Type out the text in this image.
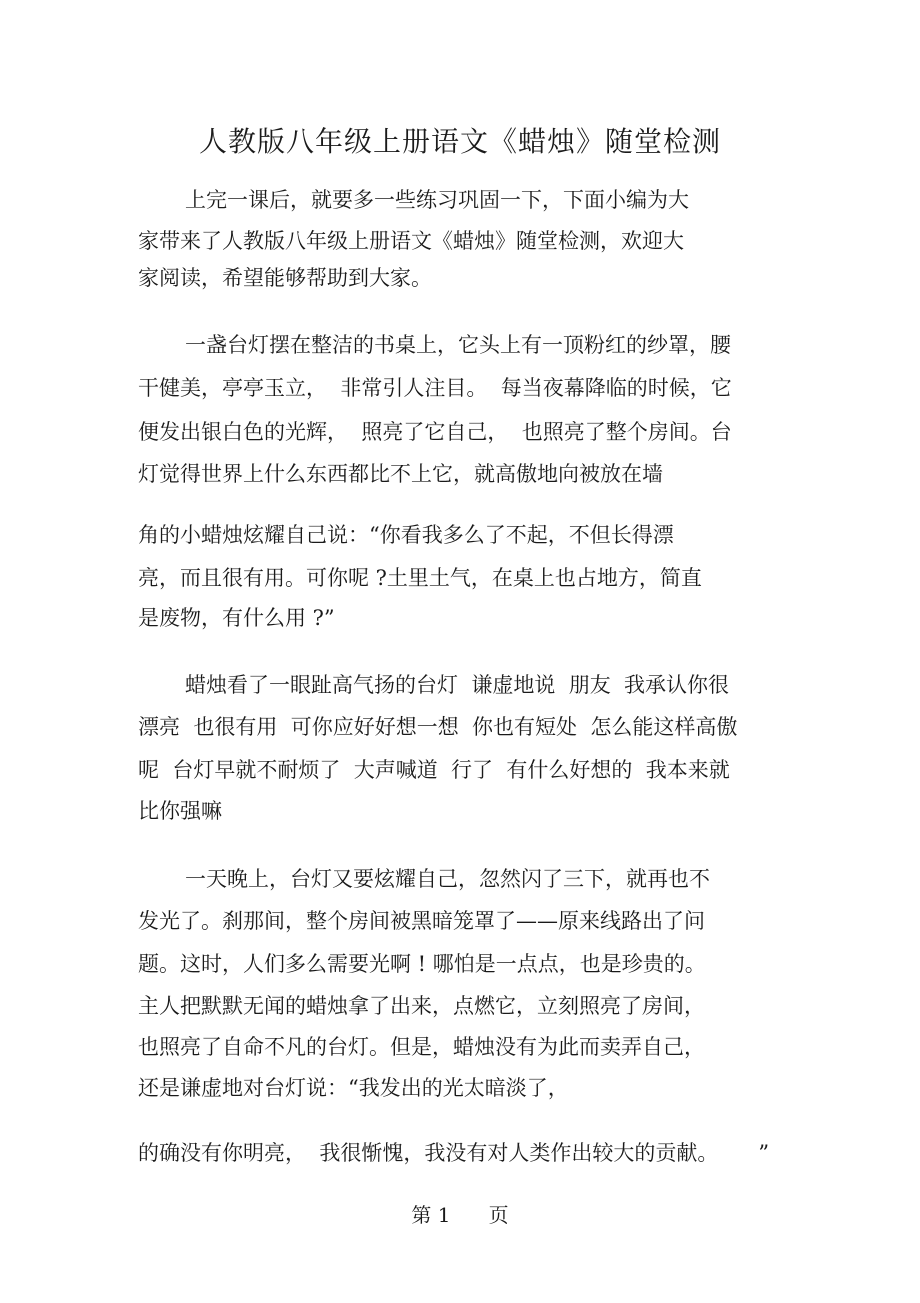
人教版八年级上册语文《蜡烛》随堂检测

上完一课后，就要多一些练习巩固一下，下面小编为大

家带来了人教版八年级上册语文《蜡烛》随堂检测，欢迎大

家阅读，希望能够帮助到大家。

一盏台灯摆在整洁的书桌上，它头上有一顶粉红的纱罩，腰

干健美，亭亭玉立，  非常引人注目。  每当夜幕降临的时候，它

便发出银白色的光辉，  照亮了它自己，  也照亮了整个房间。台

灯觉得世界上什么东西都比不上它，就高傲地向被放在墙

角的小蜡烛炫耀自己说：“你看我多么了不起，不但长得漂

亮，而且很有用。可你呢 ?土里土气，在桌上也占地方，简直

是废物，有什么用 ?”

蜡烛看了一眼趾高气扬的台灯  谦虚地说  朋友  我承认你很

漂亮  也很有用  可你应好好想一想  你也有短处  怎么能这样高傲

呢  台灯早就不耐烦了  大声喊道  行了  有什么好想的  我本来就

比你强嘛

一天晚上，台灯又要炫耀自己，忽然闪了三下，就再也不

发光了。刹那间，整个房间被黑暗笼罩了——原来线路出了问

题。这时，人们多么需要光啊 ! 哪怕是一点点，也是珍贵的。

主人把默默无闻的蜡烛拿了出来，点燃它，立刻照亮了房间，

也照亮了自命不凡的台灯。但是，蜡烛没有为此而卖弄自己，

还是谦虚地对台灯说：“我发出的光太暗淡了，

的确没有你明亮，  我很惭愧，我没有对人类作出较大的贡献。      ”

第 1      页
